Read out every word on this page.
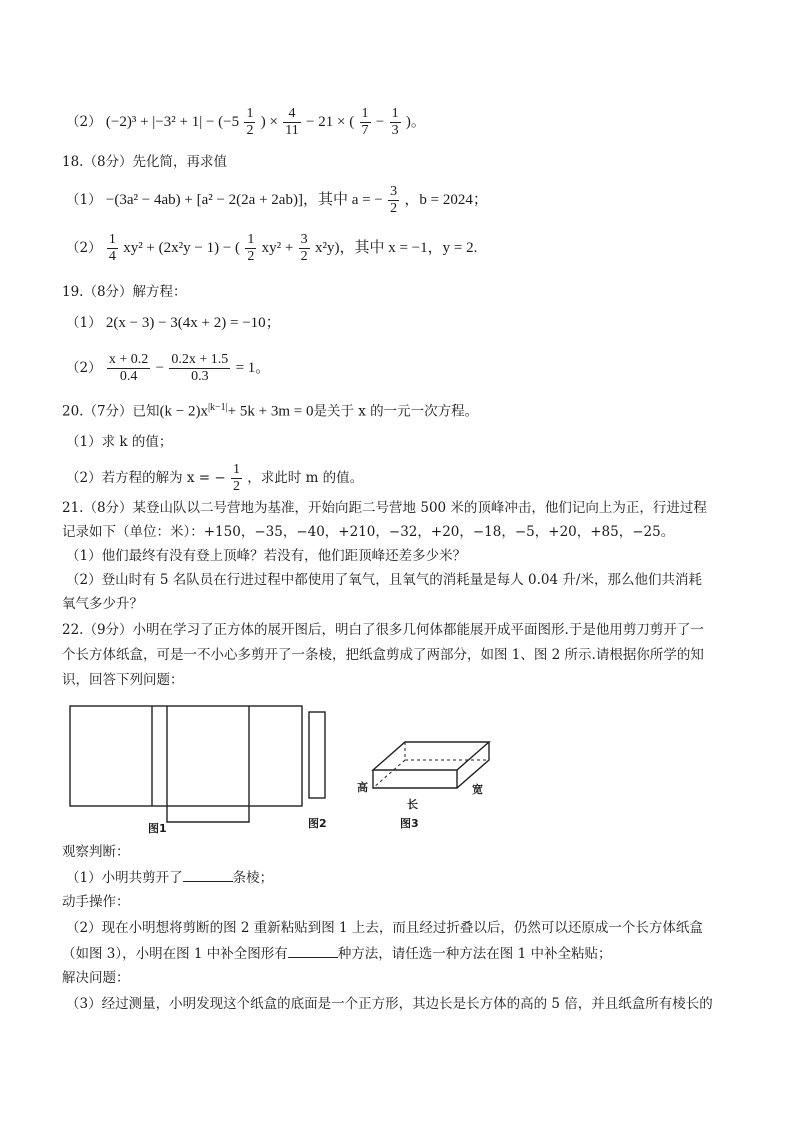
（2） $(-2)^3 + |-3^2 + 1| - (-5 \frac{1}{2}$ ) × $\frac{4}{11} - 21$ × ( $\frac{1}{7} - \frac{1}{3}$ )。
18.（8分）先化简，再求值
（1） −(3a² − 4ab) + [a² − 2(2a + 2ab)]，其中 a = − $\frac{3}{2}$ ，b = 2024；
$(2) \frac{1}{4} xy^2 + (2x^2y - 1)$ − ( $\frac{1}{2} xy^2 + \frac{3}{2} x^2y$)，其中 x = −1，y = 2.
19.（8分）解方程：
（1） 2(x − 3) − 3(4x + 2) = −10；
$(2) \frac{x + 0.2}{0.4} - \frac{0.2x + 1.5}{0.3} = 1$。
20.（7分）已知$(k - 2)x^{|k-1|}+ 5k + 3m = 0$是关于 x 的一元一次方程。
（1）求 k 的值；
（2）若方程的解为 x = − $\frac{1}{2}$ ，求此时 m 的值。
21.（8分）某登山队以二号营地为基准，开始向距二号营地 500 米的顶峰冲击，他们记向上为正，行进过程
记录如下（单位：米）：+150，−35，−40，+210，−32，+20，−18，−5，+20，+85，−25。
（1）他们最终有没有登上顶峰？若没有，他们距顶峰还差多少米？
（2）登山时有 5 名队员在行进过程中都使用了氧气，且氧气的消耗量是每人 0.04 升/米，那么他们共消耗
氧气多少升？
22.（9分）小明在学习了正方体的展开图后，明白了很多几何体都能展开成平面图形.于是他用剪刀剪开了一
个长方体纸盒，可是一不小心多剪开了一条棱，把纸盒剪成了两部分，如图 1、图 2 所示.请根据你所学的知
识，回答下列问题：
图1	图2
高
长
宽
图3
观察判断：
（1）小明共剪开了	条棱；
动手操作：
（2）现在小明想将剪断的图 2 重新粘贴到图 1 上去，而且经过折叠以后，仍然可以还原成一个长方体纸盒
（如图 3），小明在图 1 中补全图形有	种方法，请任选一种方法在图 1 中补全粘贴；
解决问题：
（3）经过测量，小明发现这个纸盒的底面是一个正方形，其边长是长方体的高的 5 倍，并且纸盒所有棱长的
